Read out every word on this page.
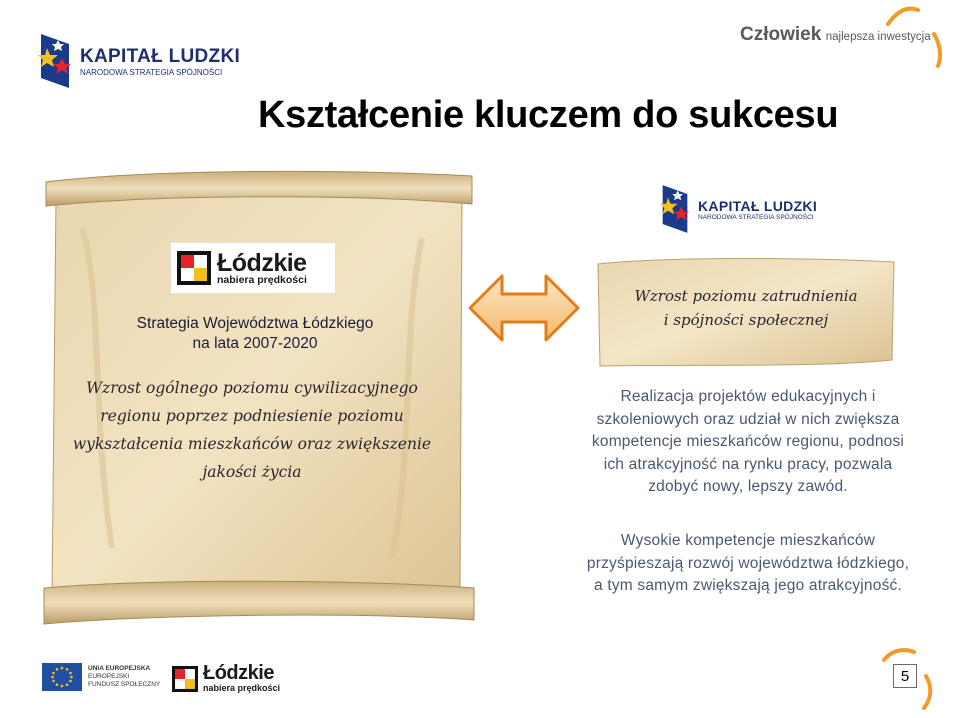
KAPITAŁ LUDZKI
NARODOWA STRATEGIA SPÓJNOŚCI
Człowiek najlepsza inwestycja
Kształcenie kluczem do sukcesu
Łódzkie
nabiera prędkości
Strategia Województwa Łódzkiego
na lata 2007-2020
Wzrost ogólnego poziomu cywilizacyjnego regionu poprzez podniesienie poziomu wykształcenia mieszkańców oraz zwiększenie jakości życia
KAPITAŁ LUDZKI
NARODOWA STRATEGIA SPÓJNOŚCI
Wzrost poziomu zatrudnienia
i spójności społecznej
Realizacja projektów edukacyjnych i szkoleniowych oraz udział w nich zwiększa kompetencje mieszkańców regionu, podnosi ich atrakcyjność na rynku pracy, pozwala zdobyć nowy, lepszy zawód.
Wysokie kompetencje mieszkańców przyśpieszają rozwój województwa łódzkiego, a tym samym zwiększają jego atrakcyjność.
UNIA EUROPEJSKA
EUROPEJSKI
FUNDUSZ SPOŁECZNY
Łódzkie
nabiera prędkości
5
